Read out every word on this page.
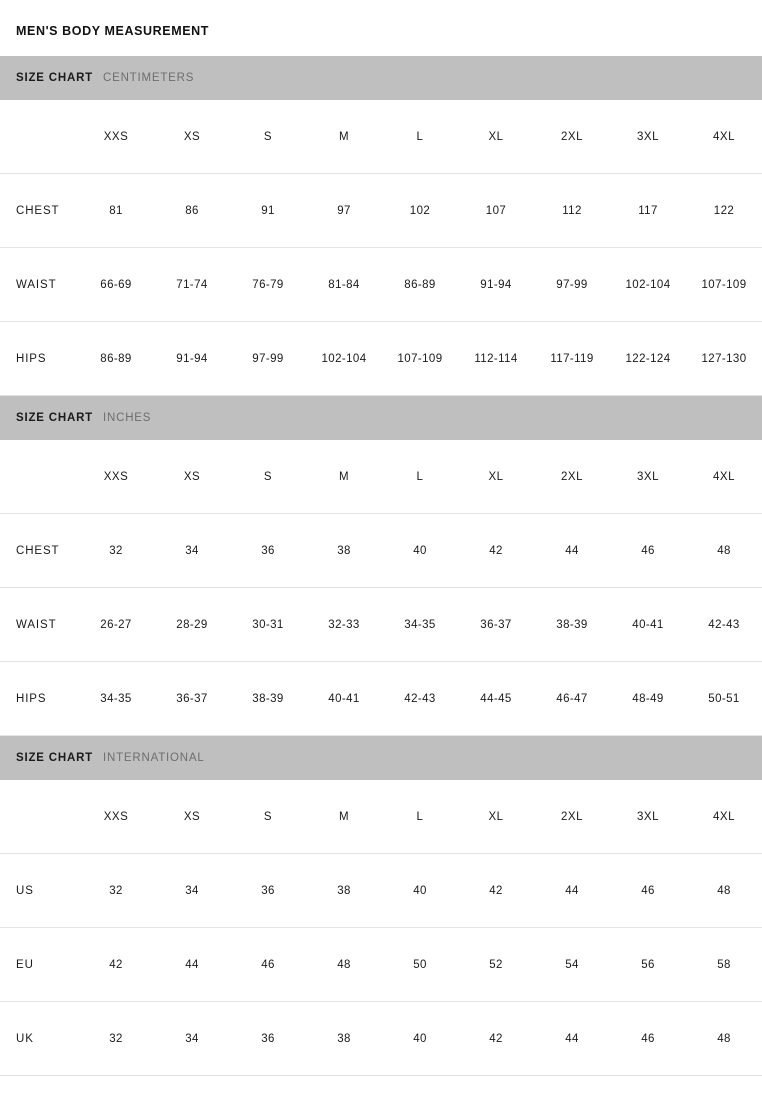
MEN'S BODY MEASUREMENT
SIZE CHART CENTIMETERS
	XXS	XS	S	M	L	XL	2XL	3XL	4XL
CHEST	81	86	91	97	102	107	112	117	122
WAIST	66-69	71-74	76-79	81-84	86-89	91-94	97-99	102-104	107-109
HIPS	86-89	91-94	97-99	102-104	107-109	112-114	117-119	122-124	127-130
SIZE CHART INCHES
	XXS	XS	S	M	L	XL	2XL	3XL	4XL
CHEST	32	34	36	38	40	42	44	46	48
WAIST	26-27	28-29	30-31	32-33	34-35	36-37	38-39	40-41	42-43
HIPS	34-35	36-37	38-39	40-41	42-43	44-45	46-47	48-49	50-51
SIZE CHART INTERNATIONAL
	XXS	XS	S	M	L	XL	2XL	3XL	4XL
US	32	34	36	38	40	42	44	46	48
EU	42	44	46	48	50	52	54	56	58
UK	32	34	36	38	40	42	44	46	48
